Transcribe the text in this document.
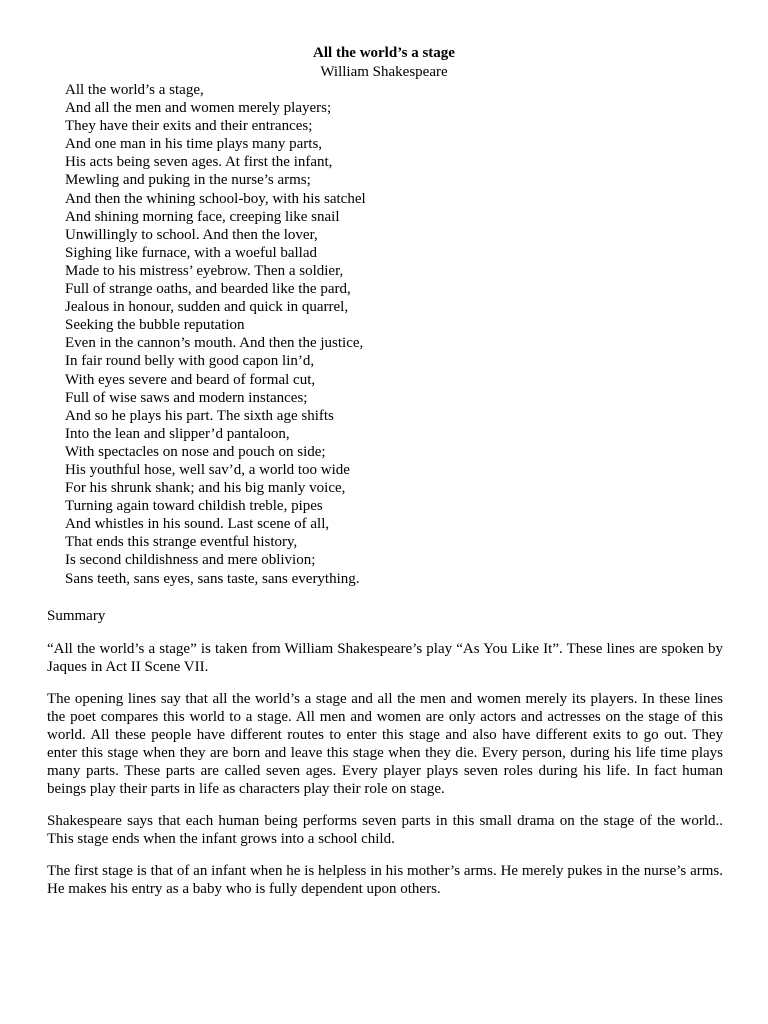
All the world’s a stage
William Shakespeare
All the world’s a stage,
And all the men and women merely players;
They have their exits and their entrances;
And one man in his time plays many parts,
His acts being seven ages. At first the infant,
Mewling and puking in the nurse’s arms;
And then the whining school-boy, with his satchel
And shining morning face, creeping like snail
Unwillingly to school. And then the lover,
Sighing like furnace, with a woeful ballad
Made to his mistress’ eyebrow. Then a soldier,
Full of strange oaths, and bearded like the pard,
Jealous in honour, sudden and quick in quarrel,
Seeking the bubble reputation
Even in the cannon’s mouth. And then the justice,
In fair round belly with good capon lin’d,
With eyes severe and beard of formal cut,
Full of wise saws and modern instances;
And so he plays his part. The sixth age shifts
Into the lean and slipper’d pantaloon,
With spectacles on nose and pouch on side;
His youthful hose, well sav’d, a world too wide
For his shrunk shank; and his big manly voice,
Turning again toward childish treble, pipes
And whistles in his sound. Last scene of all,
That ends this strange eventful history,
Is second childishness and mere oblivion;
Sans teeth, sans eyes, sans taste, sans everything.
Summary

“All the world’s a stage” is taken from William Shakespeare’s play “As You Like It”. These lines are spoken by Jaques in Act II Scene VII.

The opening lines say that all the world’s a stage and all the men and women merely its players. In these lines the poet compares this world to a stage. All men and women are only actors and actresses on the stage of this world. All these people have different routes to enter this stage and also have different exits to go out. They enter this stage when they are born and leave this stage when they die. Every person, during his life time plays many parts. These parts are called seven ages. Every player plays seven roles during his life. In fact human beings play their parts in life as characters play their role on stage.

Shakespeare says that each human being performs seven parts in this small drama on the stage of the world.. This stage ends when the infant grows into a school child.

The first stage is that of an infant when he is helpless in his mother’s arms. He merely pukes in the nurse’s arms. He makes his entry as a baby who is fully dependent upon others.
